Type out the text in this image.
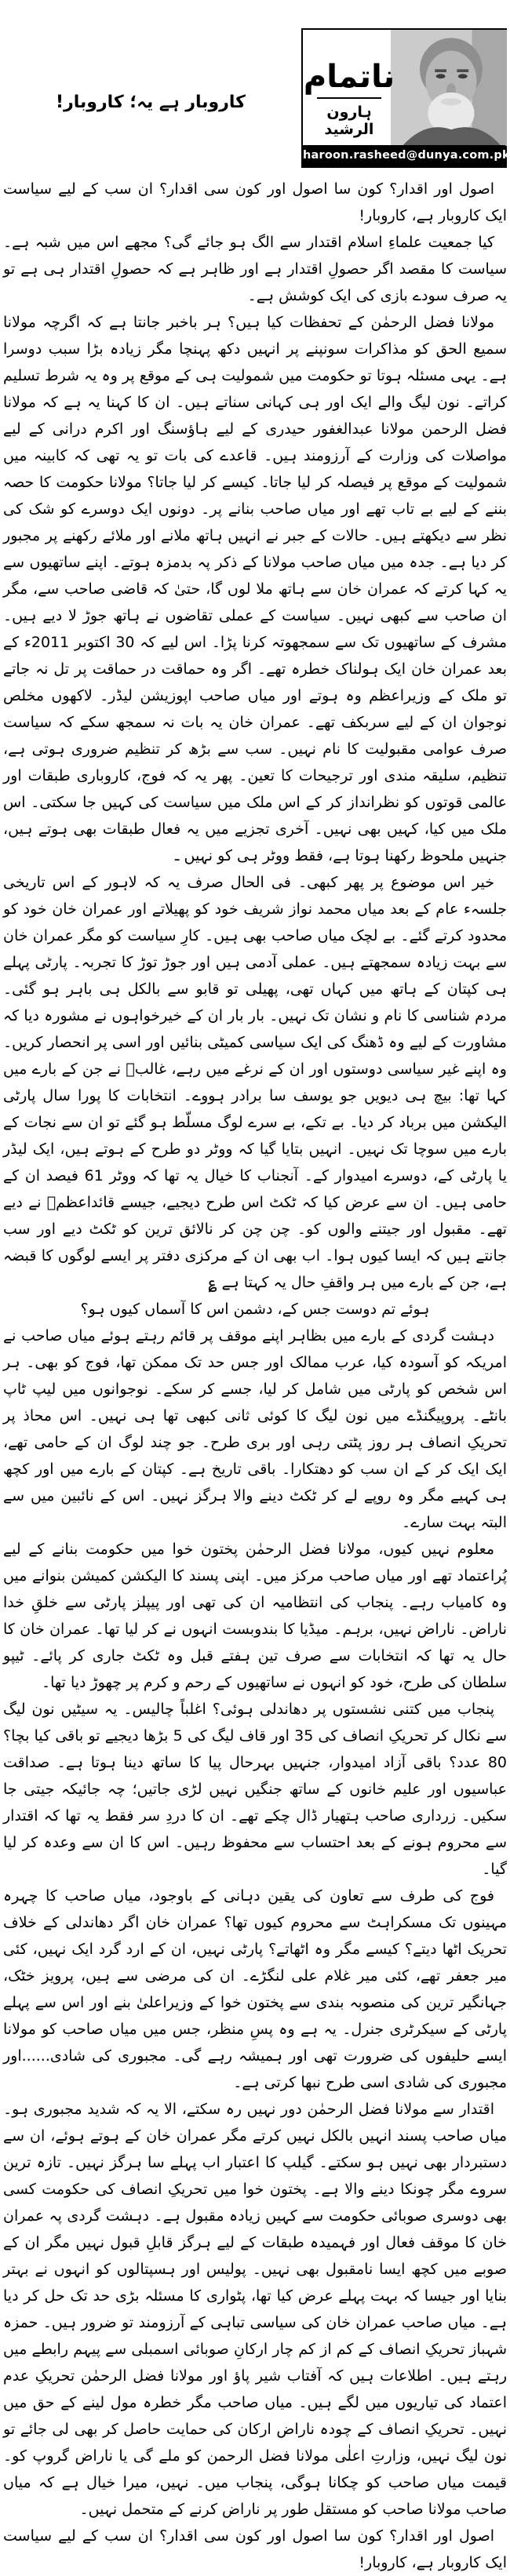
ناتمام
ہارون الرشید
haroon.rasheed@dunya.com.pk
کاروبار ہے یہ؛ کاروبار!

اصول اور اقدار؟ کون سا اصول اور کون سی اقدار؟ ان سب کے لیے سیاست ایک کاروبار ہے، کاروبار!

کیا جمعیت علماءِ اسلام اقتدار سے الگ ہو جائے گی؟ مجھے اس میں شبہ ہے۔ سیاست کا مقصد اگر حصولِ اقتدار ہے اور ظاہر ہے کہ حصولِ اقتدار ہی ہے تو یہ صرف سودے بازی کی ایک کوشش ہے۔

مولانا فضل الرحمٰن کے تحفظات کیا ہیں؟ ہر باخبر جانتا ہے کہ اگرچہ مولانا سمیع الحق کو مذاکرات سونپنے پر انہیں دکھ پہنچا مگر زیادہ بڑا سبب دوسرا ہے۔ یہی مسئلہ ہوتا تو حکومت میں شمولیت ہی کے موقع پر وہ یہ شرط تسلیم کراتے۔ نون لیگ والے ایک اور ہی کہانی سناتے ہیں۔ ان کا کہنا یہ ہے کہ مولانا فضل الرحمن مولانا عبدالغفور حیدری کے لیے ہاؤسنگ اور اکرم درانی کے لیے مواصلات کی وزارت کے آرزومند ہیں۔ قاعدے کی بات تو یہ تھی کہ کابینہ میں شمولیت کے موقع پر فیصلہ کر لیا جاتا۔ کیسے کر لیا جاتا؟ مولانا حکومت کا حصہ بننے کے لیے بے تاب تھے اور میاں صاحب بنانے پر۔ دونوں ایک دوسرے کو شک کی نظر سے دیکھتے ہیں۔ حالات کے جبر نے انہیں ہاتھ ملانے اور ملائے رکھنے پر مجبور کر دیا ہے۔ جدہ میں میاں صاحب مولانا کے ذکر پہ بدمزہ ہوتے۔ اپنے ساتھیوں سے یہ کہا کرتے کہ عمران خان سے ہاتھ ملا لوں گا، حتیٰ کہ قاضی صاحب سے، مگر ان صاحب سے کبھی نہیں۔ سیاست کے عملی تقاضوں نے ہاتھ جوڑ لا دیے ہیں۔ مشرف کے ساتھیوں تک سے سمجھوتہ کرنا پڑا۔ اس لیے کہ 30 اکتوبر 2011ء کے بعد عمران خان ایک ہولناک خطرہ تھے۔ اگر وہ حماقت در حماقت پر تل نہ جاتے تو ملک کے وزیراعظم وہ ہوتے اور میاں صاحب اپوزیشن لیڈر۔ لاکھوں مخلص نوجوان ان کے لیے سربکف تھے۔ عمران خان یہ بات نہ سمجھ سکے کہ سیاست صرف عوامی مقبولیت کا نام نہیں۔ سب سے بڑھ کر تنظیم ضروری ہوتی ہے، تنظیم، سلیقہ مندی اور ترجیحات کا تعین۔ پھر یہ کہ فوج، کاروباری طبقات اور عالمی قوتوں کو نظرانداز کر کے اس ملک میں سیاست کی کہیں جا سکتی۔ اس ملک میں کیا، کہیں بھی نہیں۔ آخری تجزیے میں یہ فعال طبقات بھی ہوتے ہیں، جنہیں ملحوظ رکھنا ہوتا ہے، فقط ووٹر ہی کو نہیں ـ

خیر اس موضوع پر پھر کبھی۔ فی الحال صرف یہ کہ لاہور کے اس تاریخی جلسہء عام کے بعد میاں محمد نواز شریف خود کو پھیلاتے اور عمران خان خود کو محدود کرتے گئے۔ بے لچک میاں صاحب بھی ہیں۔ کارِ سیاست کو مگر عمران خان سے بہت زیادہ سمجھتے ہیں۔ عملی آدمی ہیں اور جوڑ توڑ کا تجربہ۔ پارٹی پہلے ہی کپتان کے ہاتھ میں کہاں تھی، پھیلی تو قابو سے بالکل ہی باہر ہو گئی۔ مردم شناسی کا نام و نشان تک نہیں۔ بار بار ان کے خیرخواہوں نے مشورہ دیا کہ مشاورت کے لیے وہ ڈھنگ کی ایک سیاسی کمیٹی بنائیں اور اسی پر انحصار کریں۔ وہ اپنے غیر سیاسی دوستوں اور ان کے نرغے میں رہے، غالبؔ نے جن کے بارے میں کہا تھا: بیچ ہی دیویں جو یوسف سا برادر ہووے۔ انتخابات کا پورا سال پارٹی الیکشن میں برباد کر دیا۔ بے تکے، بے سرے لوگ مسلّط ہو گئے تو ان سے نجات کے بارے میں سوچا تک نہیں۔ انہیں بتایا گیا کہ ووٹر دو طرح کے ہوتے ہیں، ایک لیڈر یا پارٹی کے، دوسرے امیدوار کے۔ آنجناب کا خیال یہ تھا کہ ووٹر 61 فیصد ان کے حامی ہیں۔ ان سے عرض کیا کہ ٹکٹ اس طرح دیجیے، جیسے قائداعظمؒ نے دیے تھے۔ مقبول اور جیتنے والوں کو۔ چن چن کر نالائق ترین کو ٹکٹ دیے اور سب جانتے ہیں کہ ایسا کیوں ہوا۔ اب بھی ان کے مرکزی دفتر پر ایسے لوگوں کا قبضہ ہے، جن کے بارے میں ہر واقفِ حال یہ کہتا ہے ؏

ہوئے تم دوست جس کے، دشمن اس کا آسماں کیوں ہو؟

دہشت گردی کے بارے میں بظاہر اپنے موقف پر قائم رہتے ہوئے میاں صاحب نے امریکہ کو آسودہ کیا، عرب ممالک اور جس حد تک ممکن تھا، فوج کو بھی۔ ہر اس شخص کو پارٹی میں شامل کر لیا، جسے کر سکے۔ نوجوانوں میں لیپ ٹاپ بانٹے۔ پروپیگنڈے میں نون لیگ کا کوئی ثانی کبھی تھا ہی نہیں۔ اس محاذ پر تحریکِ انصاف ہر روز پٹتی رہی اور بری طرح۔ جو چند لوگ ان کے حامی تھے، ایک ایک کر کے ان سب کو دھتکارا۔ باقی تاریخ ہے۔ کپتان کے بارے میں اور کچھ ہی کہیے مگر وہ روپے لے کر ٹکٹ دینے والا ہرگز نہیں۔ اس کے نائبین میں سے البتہ بہت سارے۔

معلوم نہیں کیوں، مولانا فضل الرحمٰن پختون خوا میں حکومت بنانے کے لیے پُراعتماد تھے اور میاں صاحب مرکز میں۔ اپنی پسند کا الیکشن کمیشن بنوانے میں وہ کامیاب رہے۔ پنجاب کی انتظامیہ ان کی تھی اور پیپلز پارٹی سے خلقِ خدا ناراض۔ ناراض نہیں، برہم۔ میڈیا کا بندوبست انہوں نے کر لیا تھا۔ عمران خان کا حال یہ تھا کہ انتخابات سے صرف تین ہفتے قبل وہ ٹکٹ جاری کر پائے۔ ٹیپو سلطان کی طرح، خود کو انہوں نے ساتھیوں کے رحم و کرم پر چھوڑ دیا تھا۔

پنجاب میں کتنی نشستوں پر دھاندلی ہوئی؟ اغلباً چالیس۔ یہ سیٹیں نون لیگ سے نکال کر تحریکِ انصاف کی 35 اور قاف لیگ کی 5 بڑھا دیجیے تو باقی کیا بچا؟ 80 عدد؟ باقی آزاد امیدوار، جنہیں بہرحال پیا کا ساتھ دینا ہوتا ہے۔ صداقت عباسیوں اور علیم خانوں کے ساتھ جنگیں نہیں لڑی جاتیں؛ چہ جائیکہ جیتی جا سکیں۔ زرداری صاحب ہتھیار ڈال چکے تھے۔ ان کا دردِ سر فقط یہ تھا کہ اقتدار سے محروم ہونے کے بعد احتساب سے محفوظ رہیں۔ اس کا ان سے وعدہ کر لیا گیا۔

فوج کی طرف سے تعاون کی یقین دہانی کے باوجود، میاں صاحب کا چہرہ مہینوں تک مسکراہٹ سے محروم کیوں تھا؟ عمران خان اگر دھاندلی کے خلاف تحریک اٹھا دیتے؟ کیسے مگر وہ اٹھاتے؟ پارٹی نہیں، ان کے ارد گرد ایک نہیں، کئی میر جعفر تھے، کئی میر غلام علی لنگڑے۔ ان کی مرضی سے ہیں، پرویز خٹک، جہانگیر ترین کی منصوبہ بندی سے پختون خوا کے وزیراعلیٰ بنے اور اس سے پہلے پارٹی کے سیکرٹری جنرل۔ یہ ہے وہ پسِ منظر، جس میں میاں صاحب کو مولانا ایسے حلیفوں کی ضرورت تھی اور ہمیشہ رہے گی۔ مجبوری کی شادی......اور مجبوری کی شادی اسی طرح نبھا کرتی ہے۔

اقتدار سے مولانا فضل الرحمٰن دور نہیں رہ سکتے، الا یہ کہ شدید مجبوری ہو۔ میاں صاحب پسند انہیں بالکل نہیں کرتے مگر عمران خان کے ہوتے ہوئے، ان سے دستبردار بھی نہیں ہو سکتے۔ گیلپ کا اعتبار اب پہلے سا ہرگز نہیں۔ تازہ ترین سروے مگر چونکا دینے والا ہے۔ پختون خوا میں تحریکِ انصاف کی حکومت کسی بھی دوسری صوبائی حکومت سے کہیں زیادہ مقبول ہے۔ دہشت گردی پہ عمران خان کا موقف فعال اور فہمیدہ طبقات کے لیے ہرگز قابلِ قبول نہیں مگر ان کے صوبے میں کچھ ایسا نامقبول بھی نہیں۔ پولیس اور ہسپتالوں کو انہوں نے بہتر بنایا اور جیسا کہ بہت پہلے عرض کیا تھا، پٹواری کا مسئلہ بڑی حد تک حل کر دیا ہے۔ میاں صاحب عمران خان کی سیاسی تباہی کے آرزومند تو ضرور ہیں۔ حمزہ شہباز تحریکِ انصاف کے کم از کم چار ارکانِ صوبائی اسمبلی سے پیہم رابطے میں رہتے ہیں۔ اطلاعات ہیں کہ آفتاب شیر پاؤ اور مولانا فضل الرحمٰن تحریکِ عدم اعتماد کی تیاریوں میں لگے ہیں۔ میاں صاحب مگر خطرہ مول لینے کے حق میں نہیں۔ تحریکِ انصاف کے چودہ ناراض ارکان کی حمایت حاصل کر بھی لی جائے تو نون لیگ نہیں، وزارتِ اعلٰی مولانا فضل الرحمن کو ملے گی یا ناراض گروپ کو۔ قیمت میاں صاحب کو چکانا ہوگی، پنجاب میں۔ نہیں، میرا خیال ہے کہ میاں صاحب مولانا صاحب کو مستقل طور پر ناراض کرنے کے متحمل نہیں۔

اصول اور اقدار؟ کون سا اصول اور کون سی اقدار؟ ان سب کے لیے سیاست ایک کاروبار ہے، کاروبار!
